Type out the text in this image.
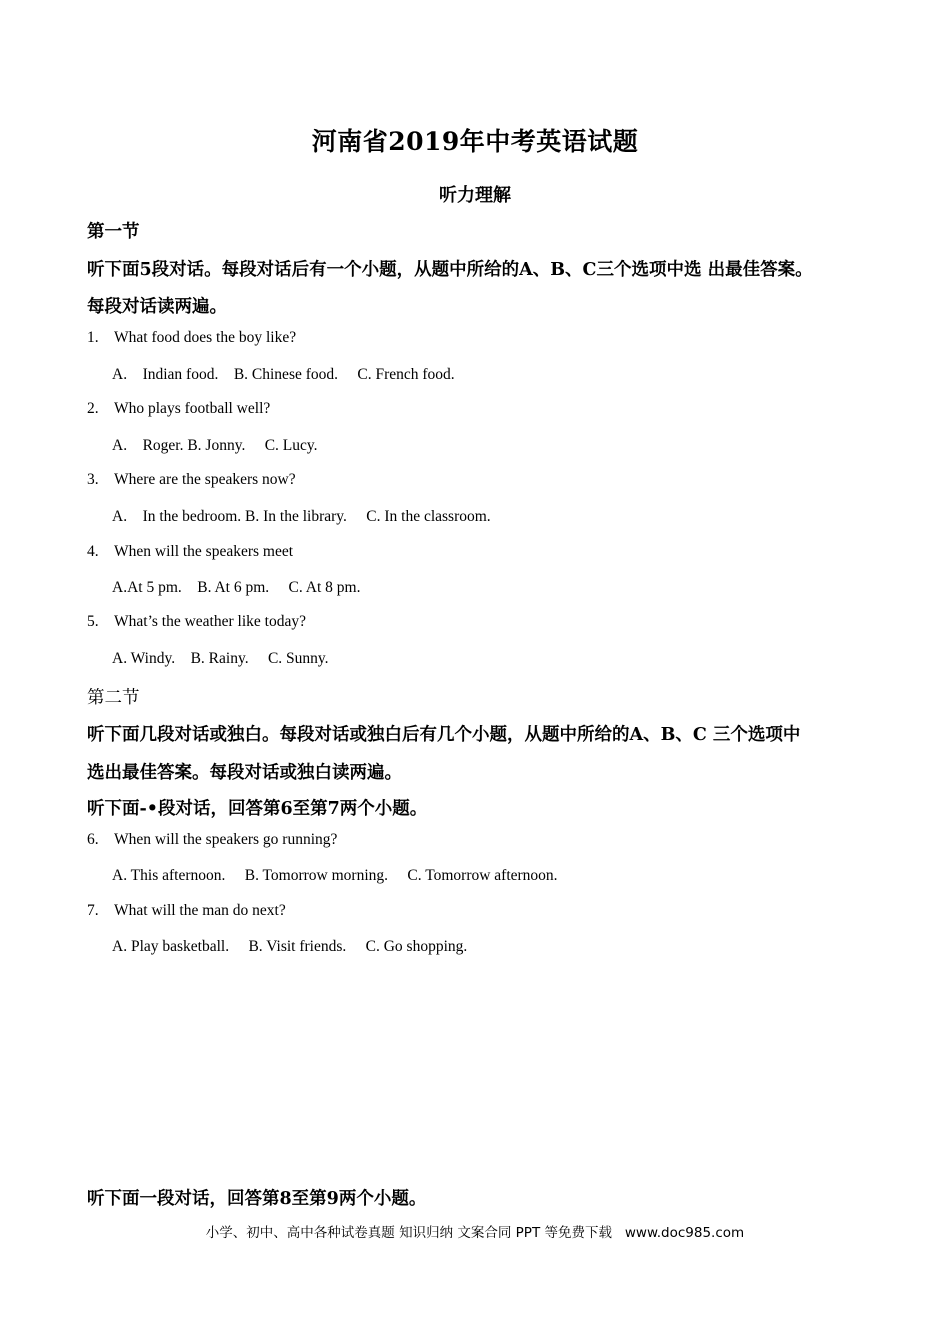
河南省2019年中考英语试题
听力理解
第一节
听下面5段对话。每段对话后有一个小题，从题中所给的A、B、C三个选项中选 出最佳答案。
每段对话读两遍。
1. What food does the boy like?
A.    Indian food.    B. Chinese food.     C. French food.
2. Who plays football well?
A.    Roger. B. Jonny.     C. Lucy.
3. Where are the speakers now?
A.    In the bedroom. B. In the library.     C. In the classroom.
4. When will the speakers meet
A.At 5 pm.    B. At 6 pm.     C. At 8 pm.
5. What’s the weather like today?
A. Windy.    B. Rainy.     C. Sunny.
第二节
听下面几段对话或独白。每段对话或独白后有几个小题，从题中所给的A、B、C 三个选项中
选出最佳答案。每段对话或独白读两遍。
听下面-•段对话，回答第6至第7两个小题。
6. When will the speakers go running?
A. This afternoon.     B. Tomorrow morning.     C. Tomorrow afternoon.
7. What will the man do next?
A. Play basketball.     B. Visit friends.     C. Go shopping.
听下面一段对话，回答第8至第9两个小题。
小学、初中、高中各种试卷真题 知识归纳 文案合同 PPT 等免费下载   www.doc985.com
